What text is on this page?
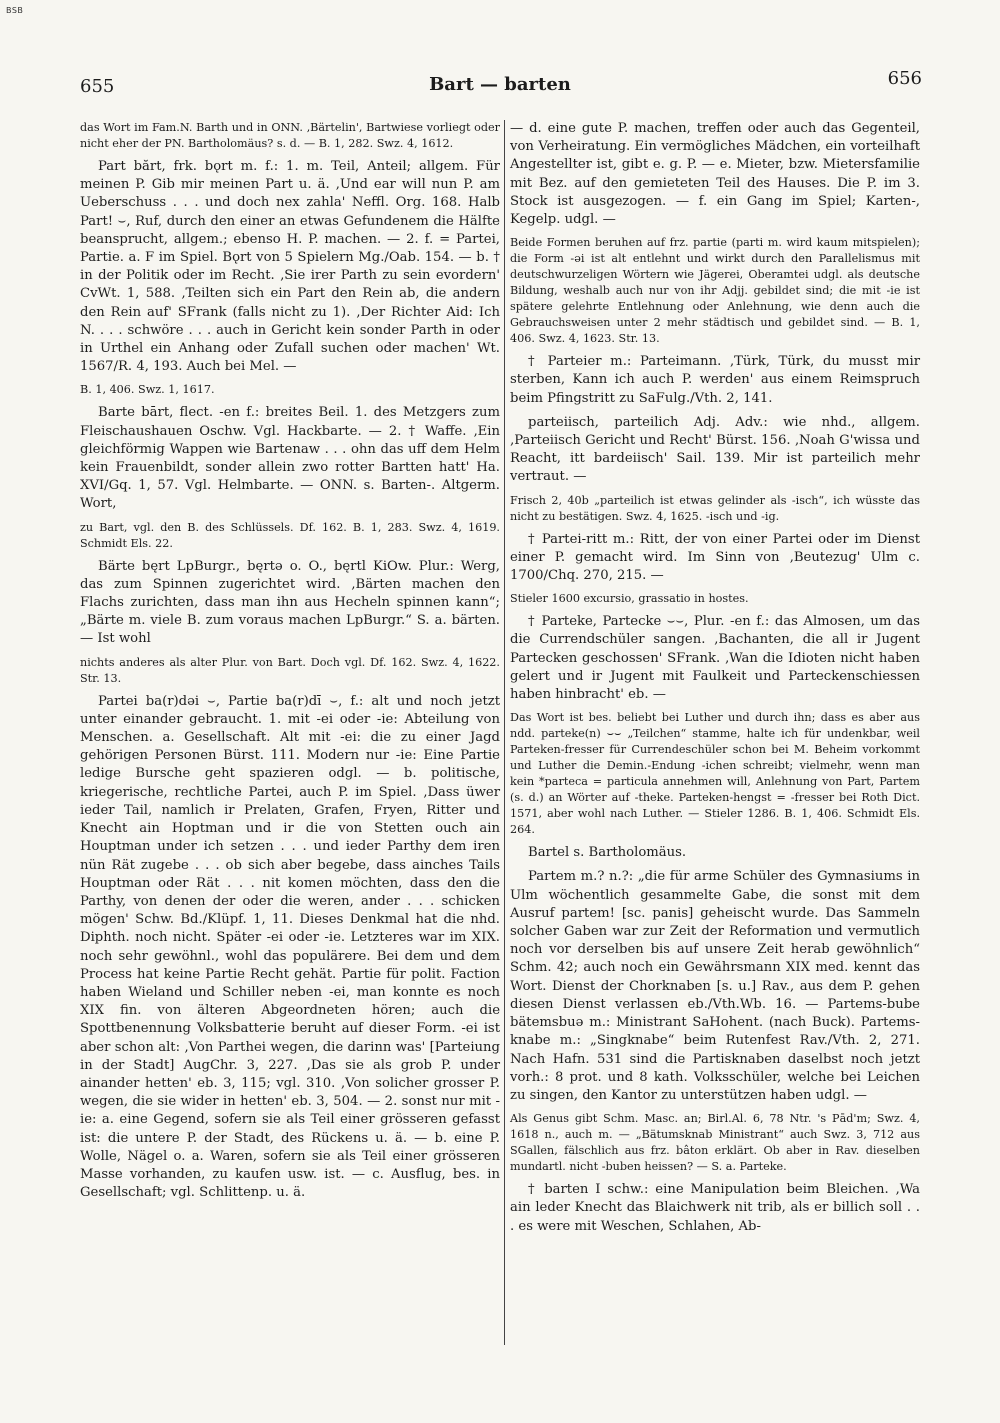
BSB
655	Bart — barten	656

das Wort im Fam.N. Barth und in ONN. ‚Bärtelin', Bartwiese vorliegt oder nicht eher der PN. Bartholomäus? s. d. — B. 1, 282. Swz. 4, 1612.

Part bărt, frk. bǫrt m. f.: 1. m. Teil, Anteil; allgem. Für meinen P. Gib mir meinen Part u. ä. ‚Und ear will nun P. am Ueberschuss . . . und doch nex zahla' Neffl. Org. 168. Halb Part! ⌣, Ruf, durch den einer an etwas Gefundenem die Hälfte beansprucht, allgem.; ebenso H. P. machen. — 2. f. = Partei, Partie. a. F im Spiel. Bǫrt von 5 Spielern Mg./Oab. 154. — b. † in der Politik oder im Recht. ‚Sie irer Parth zu sein evordern' CvWt. 1, 588. ‚Teilten sich ein Part den Rein ab, die andern den Rein auf' SFrank (falls nicht zu 1). ‚Der Richter Aid: Ich N. . . . schwöre . . . auch in Gericht kein sonder Parth in oder in Urthel ein Anhang oder Zufall suchen oder machen' Wt. 1567/R. 4, 193. Auch bei Mel. —

B. 1, 406. Swz. 1, 1617.

Barte bārt, flect. -en f.: breites Beil. 1. des Metzgers zum Fleischaushauen Oschw. Vgl. Hackbarte. — 2. † Waffe. ‚Ein gleichförmig Wappen wie Bartenaw . . . ohn das uff dem Helm kein Frauenbildt, sonder allein zwo rotter Bartten hatt' Ha. XVI/Gq. 1, 57. Vgl. Helmbarte. — ONN. s. Barten-. Altgerm. Wort,

zu Bart, vgl. den B. des Schlüssels. Df. 162. B. 1, 283. Swz. 4, 1619. Schmidt Els. 22.

Bärte bęrt LpBurgr., bęrtə o. O., bęrtl KiOw. Plur.: Werg, das zum Spinnen zugerichtet wird. ‚Bärten machen den Flachs zurichten, dass man ihn aus Hecheln spinnen kann“; „Bärte m. viele B. zum voraus machen LpBurgr.“ S. a. bärten. — Ist wohl

nichts anderes als alter Plur. von Bart. Doch vgl. Df. 162. Swz. 4, 1622. Str. 13.

Partei ba(r)dəi ⌣, Partie ba(r)dī ⌣, f.: alt und noch jetzt unter einander gebraucht. 1. mit -ei oder -ie: Abteilung von Menschen. a. Gesellschaft. Alt mit -ei: die zu einer Jagd gehörigen Personen Bürst. 111. Modern nur -ie: Eine Partie ledige Bursche geht spazieren odgl. — b. politische, kriegerische, rechtliche Partei, auch P. im Spiel. ‚Dass üwer ieder Tail, namlich ir Prelaten, Grafen, Fryen, Ritter und Knecht ain Hoptman und ir die von Stetten ouch ain Houptman under ich setzen . . . und ieder Parthy dem iren nün Rät zugebe . . . ob sich aber begebe, dass ainches Tails Houptman oder Rät . . . nit komen möchten, dass den die Parthy, von denen der oder die weren, ander . . . schicken mögen' Schw. Bd./Klüpf. 1, 11. Dieses Denkmal hat die nhd. Diphth. noch nicht. Später -ei oder -ie. Letzteres war im XIX. noch sehr gewöhnl., wohl das populärere. Bei dem und dem Process hat keine Partie Recht gehät. Partie für polit. Faction haben Wieland und Schiller neben -ei, man konnte es noch XIX fin. von älteren Abgeordneten hören; auch die Spottbenennung Volksbatterie beruht auf dieser Form. -ei ist aber schon alt: ‚Von Parthei wegen, die darinn was' [Parteiung in der Stadt] AugChr. 3, 227. ‚Das sie als grob P. under ainander hetten' eb. 3, 115; vgl. 310. ‚Von solicher grosser P. wegen, die sie wider in hetten' eb. 3, 504. — 2. sonst nur mit -ie: a. eine Gegend, sofern sie als Teil einer grösseren gefasst ist: die untere P. der Stadt, des Rückens u. ä. — b. eine P. Wolle, Nägel o. a. Waren, sofern sie als Teil einer grösseren Masse vorhanden, zu kaufen usw. ist. — c. Ausflug, bes. in Gesellschaft; vgl. Schlittenp. u. ä.

— d. eine gute P. machen, treffen oder auch das Gegenteil, von Verheiratung. Ein vermögliches Mädchen, ein vorteilhaft Angestellter ist, gibt e. g. P. — e. Mieter, bzw. Mietersfamilie mit Bez. auf den gemieteten Teil des Hauses. Die P. im 3. Stock ist ausgezogen. — f. ein Gang im Spiel; Karten-, Kegelp. udgl. —

Beide Formen beruhen auf frz. partie (parti m. wird kaum mitspielen); die Form -əi ist alt entlehnt und wirkt durch den Parallelismus mit deutschwurzeligen Wörtern wie Jägerei, Oberamtei udgl. als deutsche Bildung, weshalb auch nur von ihr Adjj. gebildet sind; die mit -ie ist spätere gelehrte Entlehnung oder Anlehnung, wie denn auch die Gebrauchsweisen unter 2 mehr städtisch und gebildet sind. — B. 1, 406. Swz. 4, 1623. Str. 13.

† Parteier m.: Parteimann. ‚Türk, Türk, du musst mir sterben, Kann ich auch P. werden' aus einem Reimspruch beim Pfingstritt zu SaFulg./Vth. 2, 141.

parteiisch, parteilich Adj. Adv.: wie nhd., allgem. ‚Parteiisch Gericht und Recht' Bürst. 156. ‚Noah G'wissa und Reacht, itt bardeiisch' Sail. 139. Mir ist parteilich mehr vertraut. —

Frisch 2, 40b „parteilich ist etwas gelinder als -isch“, ich wüsste das nicht zu bestätigen. Swz. 4, 1625. -isch und -ig.

† Partei-ritt m.: Ritt, der von einer Partei oder im Dienst einer P. gemacht wird. Im Sinn von ‚Beutezug' Ulm c. 1700/Chq. 270, 215. —

Stieler 1600 excursio, grassatio in hostes.

† Parteke, Partecke ⌣⌣, Plur. -en f.: das Almosen, um das die Currendschüler sangen. ‚Bachanten, die all ir Jugent Partecken geschossen' SFrank. ‚Wan die Idioten nicht haben gelert und ir Jugent mit Faulkeit und Parteckenschiessen haben hinbracht' eb. —

Das Wort ist bes. beliebt bei Luther und durch ihn; dass es aber aus ndd. parteke(n) ⌣⌣ „Teilchen“ stamme, halte ich für undenkbar, weil Parteken-fresser für Currendeschüler schon bei M. Beheim vorkommt und Luther die Demin.-Endung -ichen schreibt; vielmehr, wenn man kein *parteca = particula annehmen will, Anlehnung von Part, Partem (s. d.) an Wörter auf -theke. Parteken-hengst = -fresser bei Roth Dict. 1571, aber wohl nach Luther. — Stieler 1286. B. 1, 406. Schmidt Els. 264.

Bartel s. Bartholomäus.

Partem m.? n.?: „die für arme Schüler des Gymnasiums in Ulm wöchentlich gesammelte Gabe, die sonst mit dem Ausruf partem! [sc. panis] geheischt wurde. Das Sammeln solcher Gaben war zur Zeit der Reformation und vermutlich noch vor derselben bis auf unsere Zeit herab gewöhnlich“ Schm. 42; auch noch ein Gewährsmann XIX med. kennt das Wort. Dienst der Chorknaben [s. u.] Rav., aus dem P. gehen diesen Dienst verlassen eb./Vth.Wb. 16. — Partems-bube bätemsbuə m.: Ministrant SaHohent. (nach Buck). Partems-knabe m.: „Singknabe“ beim Rutenfest Rav./Vth. 2, 271. Nach Hafn. 531 sind die Partisknaben daselbst noch jetzt vorh.: 8 prot. und 8 kath. Volksschüler, welche bei Leichen zu singen, den Kantor zu unterstützen haben udgl. —

Als Genus gibt Schm. Masc. an; Birl.Al. 6, 78 Ntr. 's Pād'm; Swz. 4, 1618 n., auch m. — „Bätumsknab Ministrant“ auch Swz. 3, 712 aus SGallen, fälschlich aus frz. bâton erklärt. Ob aber in Rav. dieselben mundartl. nicht -buben heissen? — S. a. Parteke.

† barten I schw.: eine Manipulation beim Bleichen. ‚Wa ain leder Knecht das Blaichwerk nit trib, als er billich soll . . . es were mit Weschen, Schlahen, Ab-
